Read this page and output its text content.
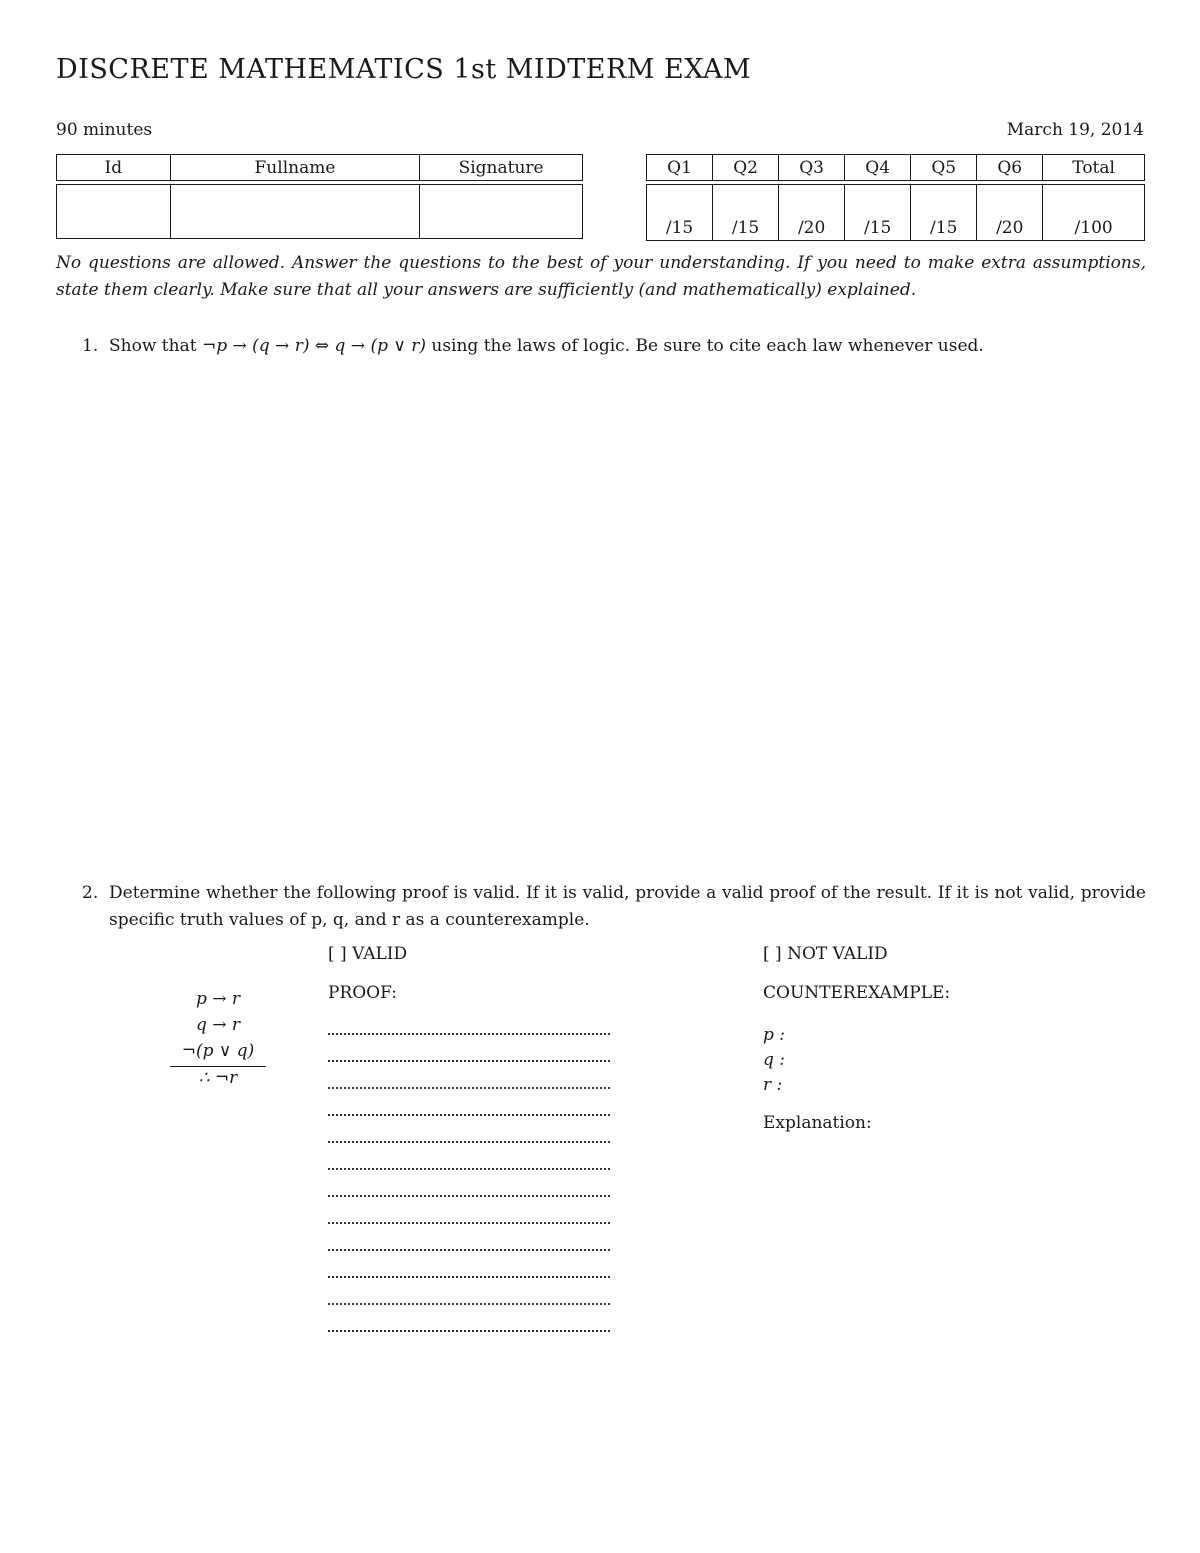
DISCRETE MATHEMATICS 1st MIDTERM EXAM
90 minutes	March 19, 2014
Id	Fullname	Signature

			Q1	Q2	Q3	Q4	Q5	Q6	Total

/15	/15	/20	/15	/15	/20	/100
No questions are allowed. Answer the questions to the best of your understanding. If you need to make extra assumptions, state them clearly. Make sure that all your answers are sufficiently (and mathematically) explained.
1. Show that ¬p → (q → r) ⇔ q → (p ∨ r) using the laws of logic. Be sure to cite each law whenever used.
2. Determine whether the following proof is valid. If it is valid, provide a valid proof of the result. If it is not valid, provide specific truth values of p, q, and r as a counterexample.
[ ] VALID	[ ] NOT VALID
PROOF:	COUNTEREXAMPLE:
p → r
q → r
¬(p ∨ q)
∴ ¬r
p :
q :
r :
Explanation:
